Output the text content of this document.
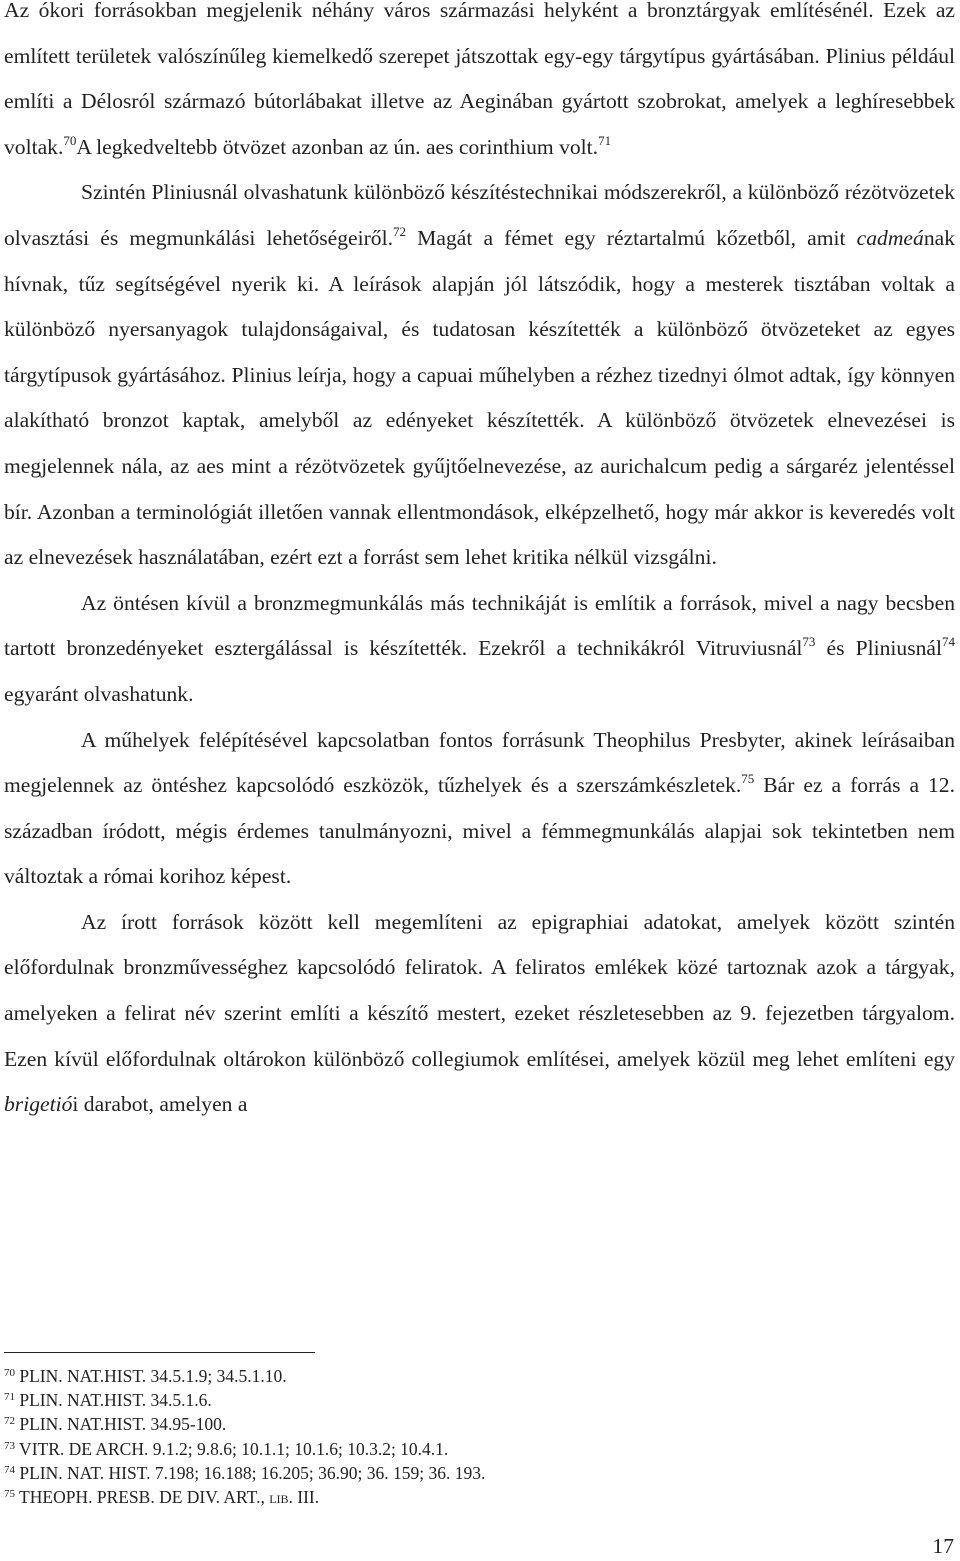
Az ókori forrásokban megjelenik néhány város származási helyként a bronztárgyak említésénél. Ezek az említett területek valószínűleg kiemelkedő szerepet játszottak egy-egy tárgytípus gyártásában. Plinius például említi a Délosról származó bútorlábakat illetve az Aeginában gyártott szobrokat, amelyek a leghíresebbek voltak.$^{70}$A legkedveltebb ötvözet azonban az ún. aes corinthium volt.$^{71}$

Szintén Pliniusnál olvashatunk különböző készítéstechnikai módszerekről, a különböző rézötvözetek olvasztási és megmunkálási lehetőségeiről.$^{72}$ Magát a fémet egy réztartalmú kőzetből, amit cadmeának hívnak, tűz segítségével nyerik ki. A leírások alapján jól látszódik, hogy a mesterek tisztában voltak a különböző nyersanyagok tulajdonságaival, és tudatosan készítették a különböző ötvözeteket az egyes tárgytípusok gyártásához. Plinius leírja, hogy a capuai műhelyben a rézhez tizednyi ólmot adtak, így könnyen alakítható bronzot kaptak, amelyből az edényeket készítették. A különböző ötvözetek elnevezései is megjelennek nála, az aes mint a rézötvözetek gyűjtőelnevezése, az aurichalcum pedig a sárgaréz jelentéssel bír. Azonban a terminológiát illetően vannak ellentmondások, elképzelhető, hogy már akkor is keveredés volt az elnevezések használatában, ezért ezt a forrást sem lehet kritika nélkül vizsgálni.

Az öntésen kívül a bronzmegmunkálás más technikáját is említik a források, mivel a nagy becsben tartott bronzedényeket esztergálással is készítették. Ezekről a technikákról Vitruviusnál$^{73}$ és Pliniusnál$^{74}$ egyaránt olvashatunk.

A műhelyek felépítésével kapcsolatban fontos forrásunk Theophilus Presbyter, akinek leírásaiban megjelennek az öntéshez kapcsolódó eszközök, tűzhelyek és a szerszámkészletek.$^{75}$ Bár ez a forrás a 12. században íródott, mégis érdemes tanulmányozni, mivel a fémmegmunkálás alapjai sok tekintetben nem változtak a római korihoz képest.

Az írott források között kell megemlíteni az epigraphiai adatokat, amelyek között szintén előfordulnak bronzművességhez kapcsolódó feliratok. A feliratos emlékek közé tartoznak azok a tárgyak, amelyeken a felirat név szerint említi a készítő mestert, ezeket részletesebben az 9. fejezetben tárgyalom. Ezen kívül előfordulnak oltárokon különböző collegiumok említései, amelyek közül meg lehet említeni egy brigetiói darabot, amelyen a

$^{70}$ PLIN. NAT.HIST. 34.5.1.9; 34.5.1.10.
$^{71}$ PLIN. NAT.HIST. 34.5.1.6.
$^{72}$ PLIN. NAT.HIST. 34.95-100.
$^{73}$ VITR. DE ARCH. 9.1.2; 9.8.6; 10.1.1; 10.1.6; 10.3.2; 10.4.1.
$^{74}$ PLIN. NAT. HIST. 7.198; 16.188; 16.205; 36.90; 36. 159; 36. 193.
$^{75}$ THEOPH. PRESB. DE DIV. ART., lib. III.
17
